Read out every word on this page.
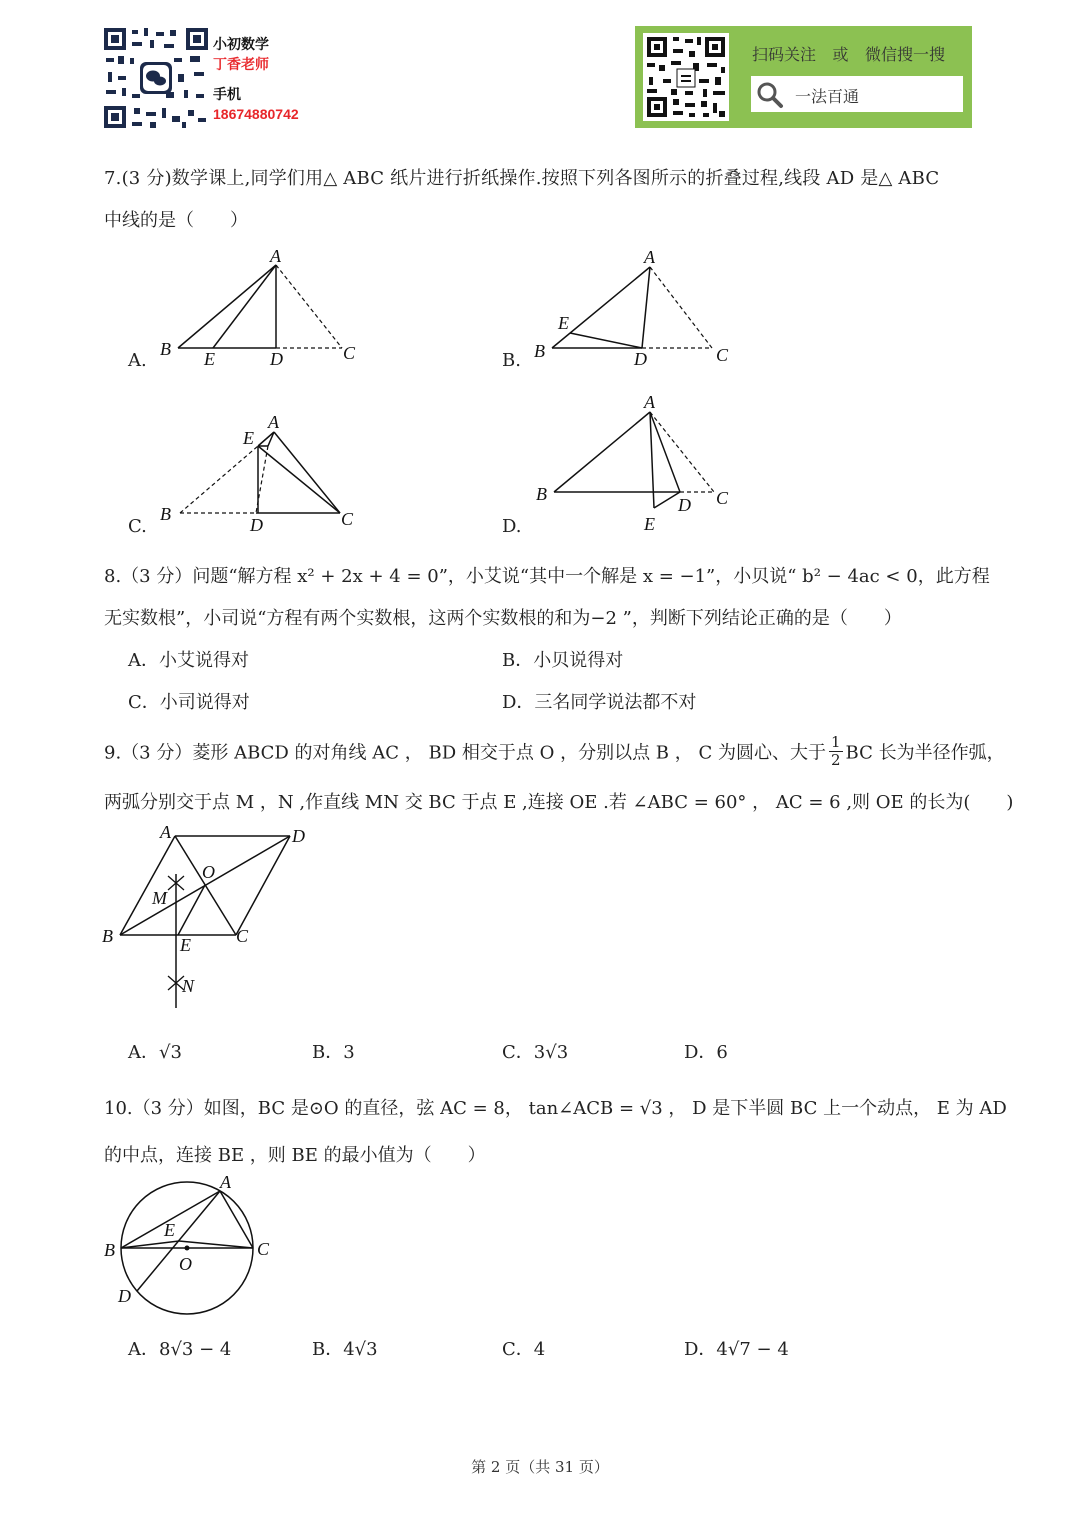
小初数学
丁香老师
手机
18674880742
扫码关注 或 微信搜一搜
一法百通
7.(3 分)数学课上,同学们用△ ABC 纸片进行折纸操作.按照下列各图所示的折叠过程,线段 AD 是△ ABC
中线的是（　　）
A.
A
B E	D	C	B.
A
E
B	D	C
C.
A
E
B
D	C	D.
A
B
D C
E
8.（3 分）问题“解方程 x² + 2x + 4 = 0”，小艾说“其中一个解是 x = −1”，小贝说“ b² − 4ac < 0，此方程
无实数根”，小司说“方程有两个实数根，这两个实数根的和为−2 ”，判断下列结论正确的是（　　）
A．小艾说得对	B．小贝说得对
C．小司说得对	D．三名同学说法都不对
9.（3 分）菱形 ABCD 的对角线 AC ， BD 相交于点 O ，分别以点 B ， C 为圆心、大于 $\frac{1}{2}$ BC 长为半径作弧，
两弧分别交于点 M ，N ,作直线 MN 交 BC 于点 E ,连接 OE .若 ∠ABC = 60° ， AC = 6 ,则 OE 的长为(　　)
A	D
O
M
B	E	C
N
A．√3	B．3	C．3√3	D．6
10.（3 分）如图，BC 是⊙O 的直径，弦 AC = 8， tan∠ACB = √3 ， D 是下半圆 BC 上一个动点， E 为 AD
的中点，连接 BE ，则 BE 的最小值为（　　）
A
E
B
O
C
D
A．8√3 − 4	B．4√3	C．4	D．4√7 − 4
第 2 页（共 31 页）
